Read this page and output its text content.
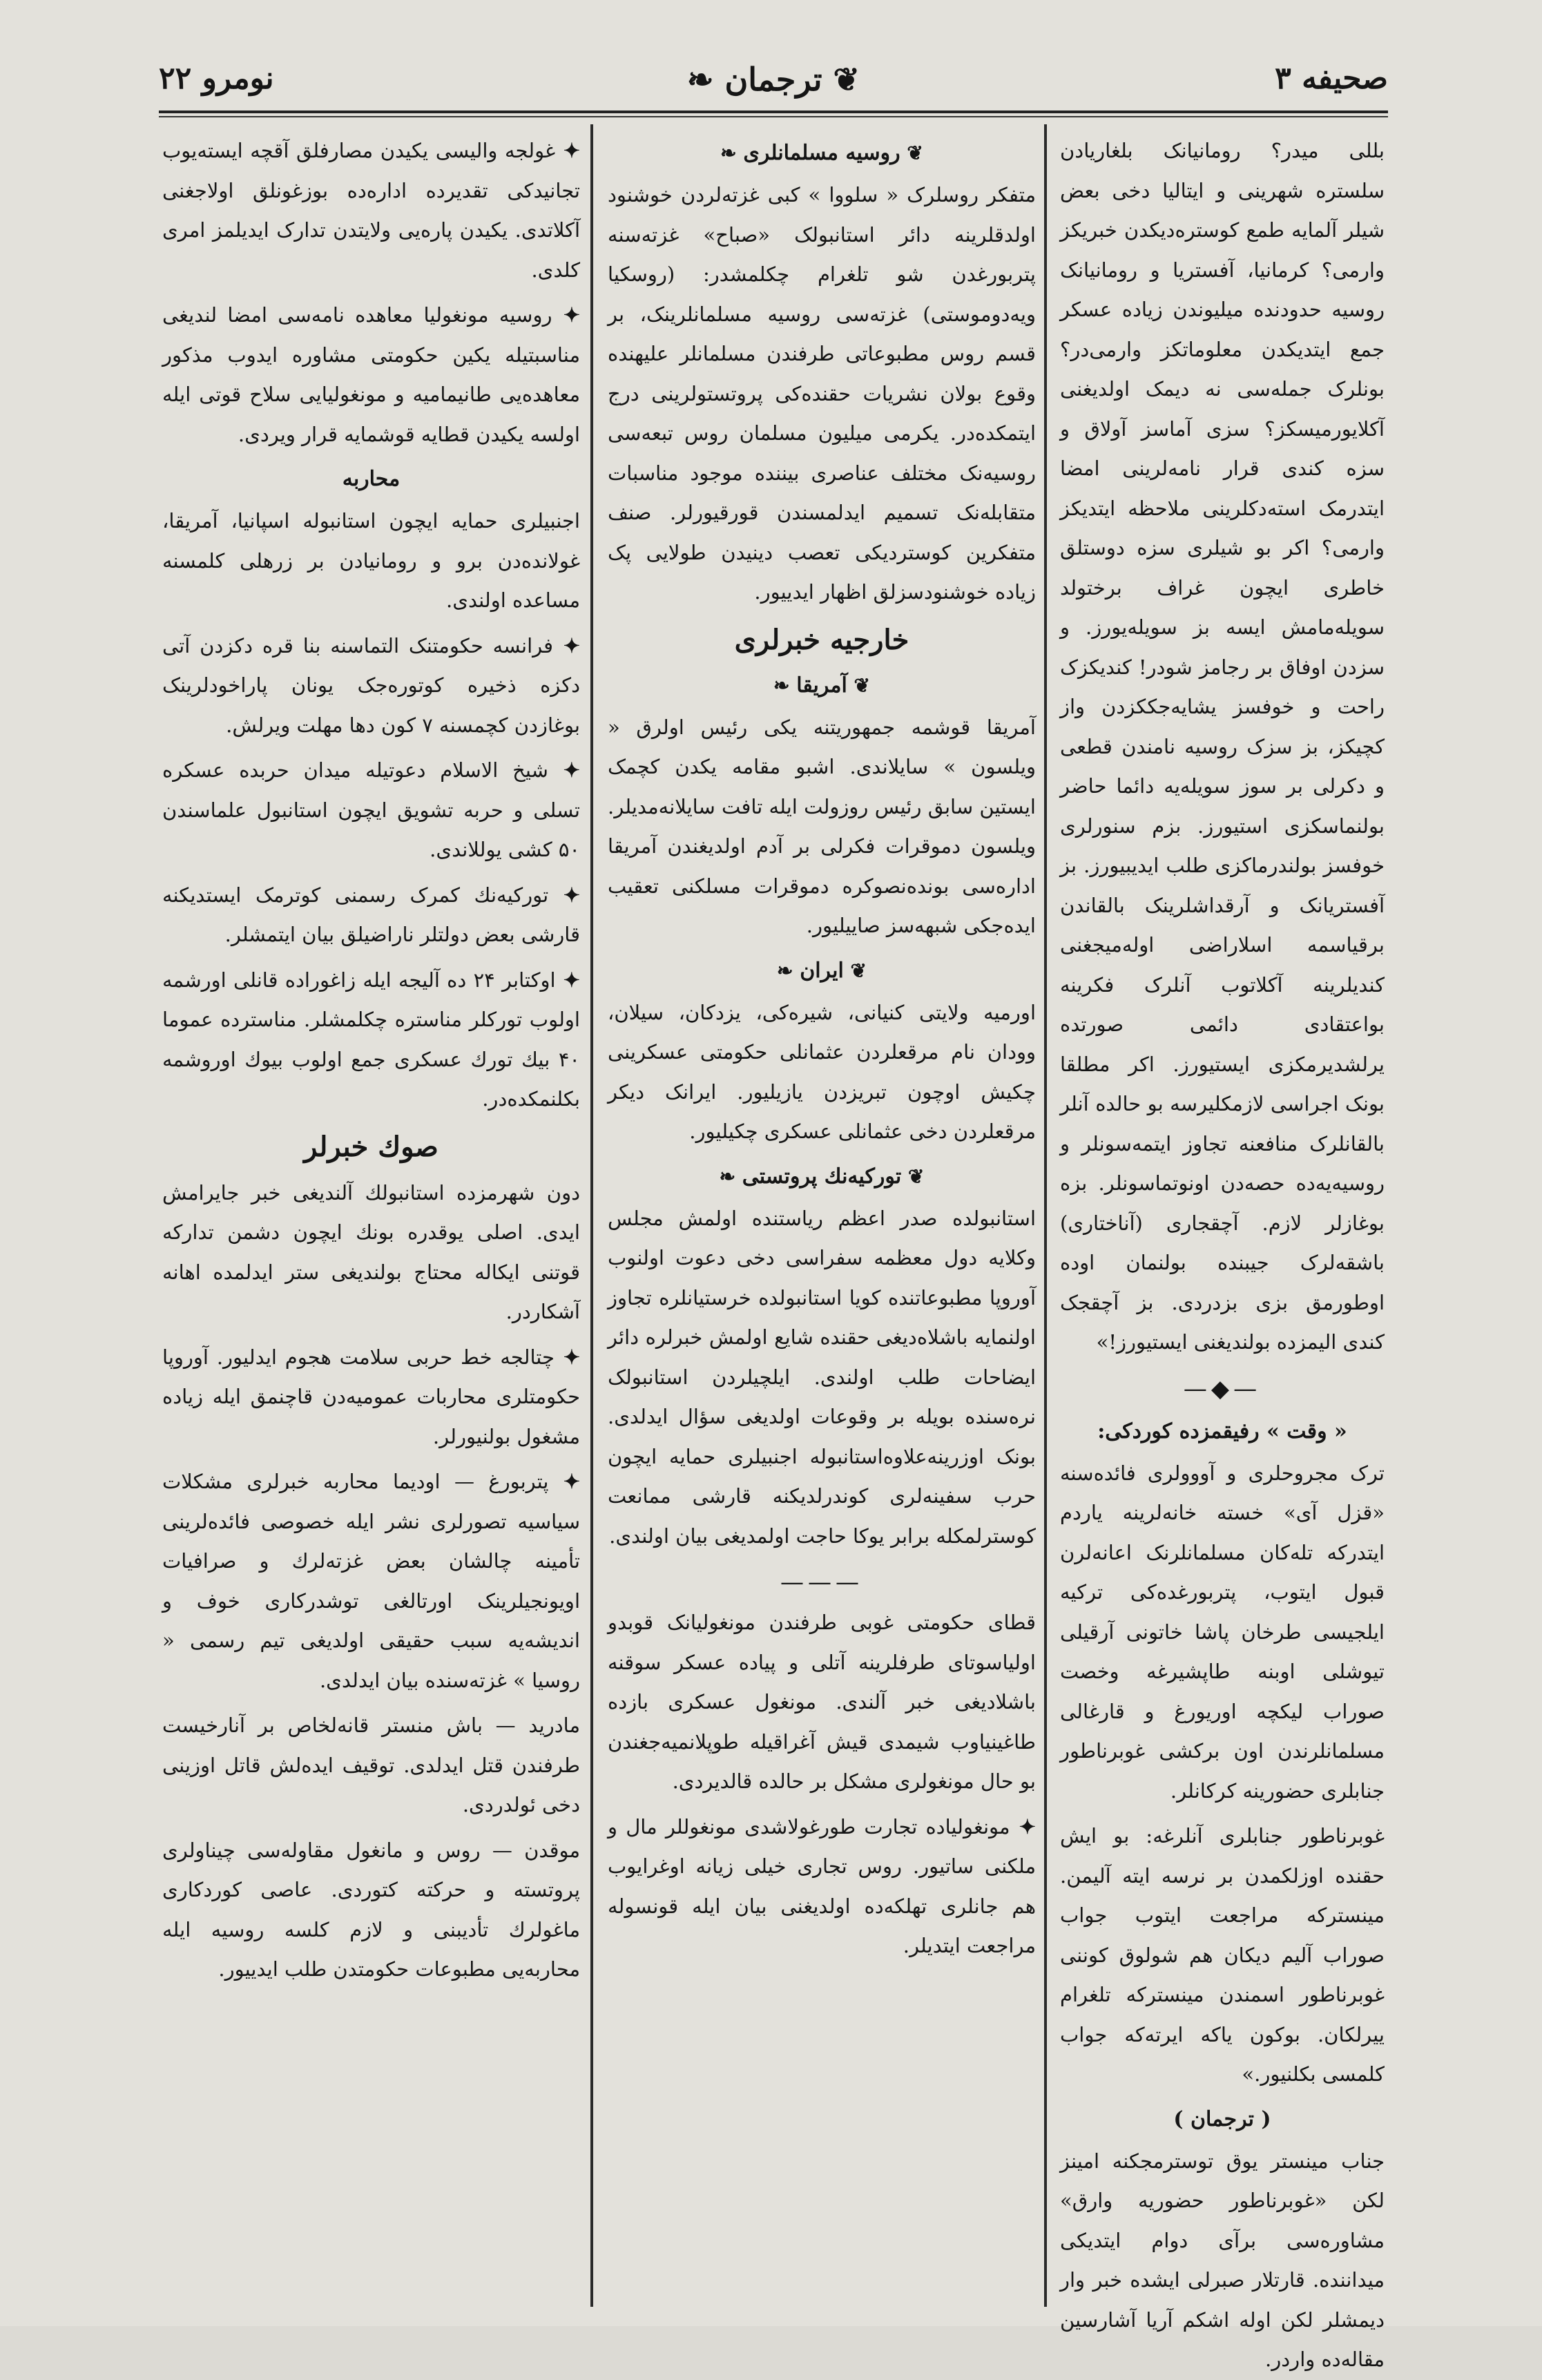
صحیفه ۳
❦ ترجمان ❧
نومرو ۲۲

بللی میدر؟ رومانیانک بلغاریادن سلستره شهرینی و ایتالیا دخی بعض شیلر آلمایه طمع کوستره‌دیکدن خبریکز وارمی؟ کرمانیا، آفستریا و رومانیانک روسیه حدودنده میلیوندن زیاده عسکر جمع ایتدیکدن معلوماتکز وارمی‌در؟ بونلرک جمله‌سی نه دیمک اولدیغنی آکلایورمیسکز؟ سزی آماسز آولاق و سزه کندی قرار نامه‌لرینی امضا ایتدرمک استه‌دکلرینی ملاحظه ایتدیکز وارمی؟ اکر بو شیلری سزه دوستلق خاطری ایچون غراف برختولد سویله‌مامش ایسه بز سویله‌یورز. و سزدن اوفاق بر رجامز شودر! کندیکزک راحت و خوفسز یشایه‌جککزدن واز کچیکز، بز سزک روسیه نامندن قطعی و دکرلی بر سوز سویله‌یه دائما حاضر بولنماسکزی استیورز. بزم سنورلری خوفسز بولندرماکزی طلب ایدیبیورز. بز آفستریانک و آرقداشلرینک بالقاندن برقیاسمه اسلاراضی اوله‌میجغنی کندیلرینه آکلاتوب آنلرک فکرینه بواعتقادی دائمی صورتده یرلشدیرمکزی ایستیورز. اکر مطلقا بونک اجراسی لازمکلیرسه بو حالده آنلر بالقانلرک منافعنه تجاوز ایتمه‌سونلر و روسیه‌یه‌ده حصه‌دن اونوتماسونلر. بزه بوغازلر لازم. آچقجاری (آناختاری) باشقه‌لرک جیبنده بولنمان اوده اوطورمق بزی بزدردی. بز آچقجک کندی الیمزده بولندیغنی ایستیورز!»

—◆—

« وقت » رفیقمزده کوردکی:

ترک مجروحلری و آووولری فائده‌سنه «قزل آی» خسته خانه‌لرینه یاردم ایتدرکه تله‌کان مسلمانلرنک اعانه‌لرن قبول ایتوب، پتربورغده‌کی ترکیه ایلجیسی طرخان پاشا خاتونی آرقیلی تیوشلی اوبنه طاپشیرغه وخصت صوراب لیکچه اوریورغ و قارغالی مسلمانلرندن اون برکشی غوبرناطور جنابلری حضورینه کرکانلر.

غوبرناطور جنابلری آنلرغه: بو ایش حقنده اوزلکمدن بر نرسه ایته آلیمن. مینسترکه مراجعت ایتوب جواب صوراب آلیم دیکان هم شولوق کوننی غوبرناطور اسمندن مینسترکه تلغرام ییرلکان. بوکون یاکه ایرته‌که جواب کلمسی بکلنیور.»

( ترجمان )

جناب مینستر یوق توسترمجکنه امینز لکن «غوبرناطور حضوریه وارق» مشاورەسی برآی دوام ایتدیکی میداننده. قارتلار صبرلی ایشده خبر وار دیمشلر لکن اوله اشکم آریا آشارسین مقاله‌ده واردر.

❦ روسیه مسلمانلری ❧

متفکر روسلرک « سلووا » کبی غزته‌لردن خوشنود اولدقلرینه دائر استانبولک «صباح» غزته‌سنه پتربورغدن شو تلغرام چکلمشدر: (روسکیا ویه‌دوموستی) غزته‌سی روسیه مسلمانلرینک، بر قسم روس مطبوعاتی طرفندن مسلمانلر علیهنده وقوع بولان نشریات حقنده‌کی پروتستولرینی درج ایتمکده‌در. یکرمی میلیون مسلمان روس تبعه‌سی روسیه‌نک مختلف عناصری بیننده موجود مناسبات متقابله‌نک تسمیم ایدلمسندن قورقیورلر. صنف متفکرین کوستردیکی تعصب دینیدن طولایی پک زیاده خوشنودسزلق اظهار ایدییور.

خارجیه خبرلری

❦ آمریقا ❧

آمریقا قوشمه جمهوریتنه یکی رئیس اولرق « ویلسون » سایلاندی. اشبو مقامه یکدن کچمک ایستین سابق رئیس روزولت ایله تافت سایلانه‌مدیلر. ویلسون دموقرات فکرلی بر آدم اولدیغندن آمریقا اداره‌سی بونده‌نصوکره دموقرات مسلکنی تعقیب ایده‌جکی شبهه‌سز صاییلیور.

❦ ایران ❧

اورمیه ولایتی کنیانی، شیرەکی، یزدکان، سیلان، وودان نام مرقعلردن عثمانلی حکومتی عسکرینی چکیش اوچون تبریزدن یازیلیور. ایرانک دیکر مرقعلردن دخی عثمانلی عسکری چکیلیور.

❦ توركیه‌نك پروتستی ❧

استانبولده صدر اعظم ریاستنده اولمش مجلس وکلایه دول معظمه سفراسی دخی دعوت اولنوب آوروپا مطبوعاتنده کویا استانبولده خرستیانلره تجاوز اولنمایه باشلاه‌دیغی حقنده شایع اولمش خبرلره دائر ایضاحات طلب اولندی. ایلچیلردن استانبولک نرەسنده بویله بر وقوعات اولدیغی سؤال ایدلدی. بونک اوزرینه‌علاوه‌استانبوله اجنبیلری حمایه ایچون حرب سفینه‌لری کوندرلدیکنه قارشی ممانعت کوسترلمکله برابر یوکا حاجت اولمدیغی بیان اولندی.

———

قطای حکومتی غوبی طرفندن مونغولیانک قوبدو اولیاسوتای طرفلرینه آتلی و پیاده عسکر سوقنه باشلادیغی خبر آلندی. مونغول عسکری بازده طاغینیاوب شیمدی قیش آغراقیله طوپلانمیه‌جغندن بو حال مونغولری مشکل بر حالده قالدیردی.

✦ مونغولیاده تجارت طورغولاشدی مونغوللر مال و ملکنی ساتیور. روس تجاری خیلی زیانه اوغرایوب هم جانلری تهلکەده اولدیغنی بیان ایله قونسوله مراجعت ایتدیلر.

✦ غولجه والیسی یکیدن مصارفلق آقچه ایسته‌یوب تجانیدکی تقدیرده ادارەده بوزغونلق اولاجغنی آکلاتدی. یکیدن پارەیی ولایتدن تدارک ایدیلمز امری کلدی.

✦ روسیه مونغولیا معاهده نامه‌سی امضا لندیغی مناسبتیله یکین حکومتی مشاوره ایدوب مذکور معاهده‌یی طانیمامیه و مونغولیایی سلاح قوتی ایله اولسه یکیدن قطایه قوشمایه قرار ویردی.

محاربه

اجنبیلری حمایه ایچون استانبوله اسپانیا، آمریقا، غولانده‌دن برو و رومانیادن بر زرهلی کلمسنه مساعده اولندی.

✦ فرانسه حکومتنک التماسنه بنا قره دکزدن آتی دکزه ذخیره کوتوره‌جک یونان پاراخودلرینک بوغازدن کچمسنه ۷ کون دها مهلت ویرلش.

✦ شیخ الاسلام دعوتیله میدان حربده عسکره تسلی و حربه تشویق ایچون استانبول علماسندن ۵۰ کشی یوللاندی.

✦ توركیه‌نك کمرک رسمنی کوترمک ایستدیکنه قارشی بعض دولتلر ناراضیلق بیان ایتمشلر.

✦ اوکتابر ۲۴ ده آلیجه ایله زاغوراده قانلی اورشمه اولوب توركلر مناسترە چکلمشلر. مناسترده عموما ۴۰ بیك تورك عسکری جمع اولوب بیوك اوروشمه بکلنمکده‌در.

صوك خبرلر

دون شهرمزده استانبولك آلندیغی خبر جایرامش ایدی. اصلی یوقدره بونك ایچون دشمن تدارکه قوتنی ایکاله محتاج بولندیغی ستر ایدلمده اهانه آشکاردر.

✦ چتالجه خط حربی سلامت هجوم ایدلیور. آوروپا حکومتلری محاربات عمومیه‌دن قاچنمق ایله زیاده مشغول بولنیورلر.

✦ پتربورغ — اودیما محاربه خبرلری مشکلات سیاسیه تصورلری نشر ایله خصوصی فائده‌لرینی تأمینه چالشان بعض غزته‌لرك و صرافیات اویونجیلرینک اورتالغی توشدرکاری خوف و اندیشه‌یه سبب حقیقی اولدیغی تیم رسمی « روسیا » غزته‌سنده بیان ایدلدی.

مادرید — باش منستر قانه‌لخاص بر آنارخیست طرفندن قتل ایدلدی. توقیف ایده‌لش قاتل اوزینی دخی ئولدردی.

موقدن — روس و مانغول مقاوله‌سی چیناولری پروتسته و حرکته کتوردی. عاصی کوردکاری ماغولرك تأدیبنی و لازم کلسه روسیه ایله محاربه‌یی مطبوعات حکومتدن طلب ایدییور.
